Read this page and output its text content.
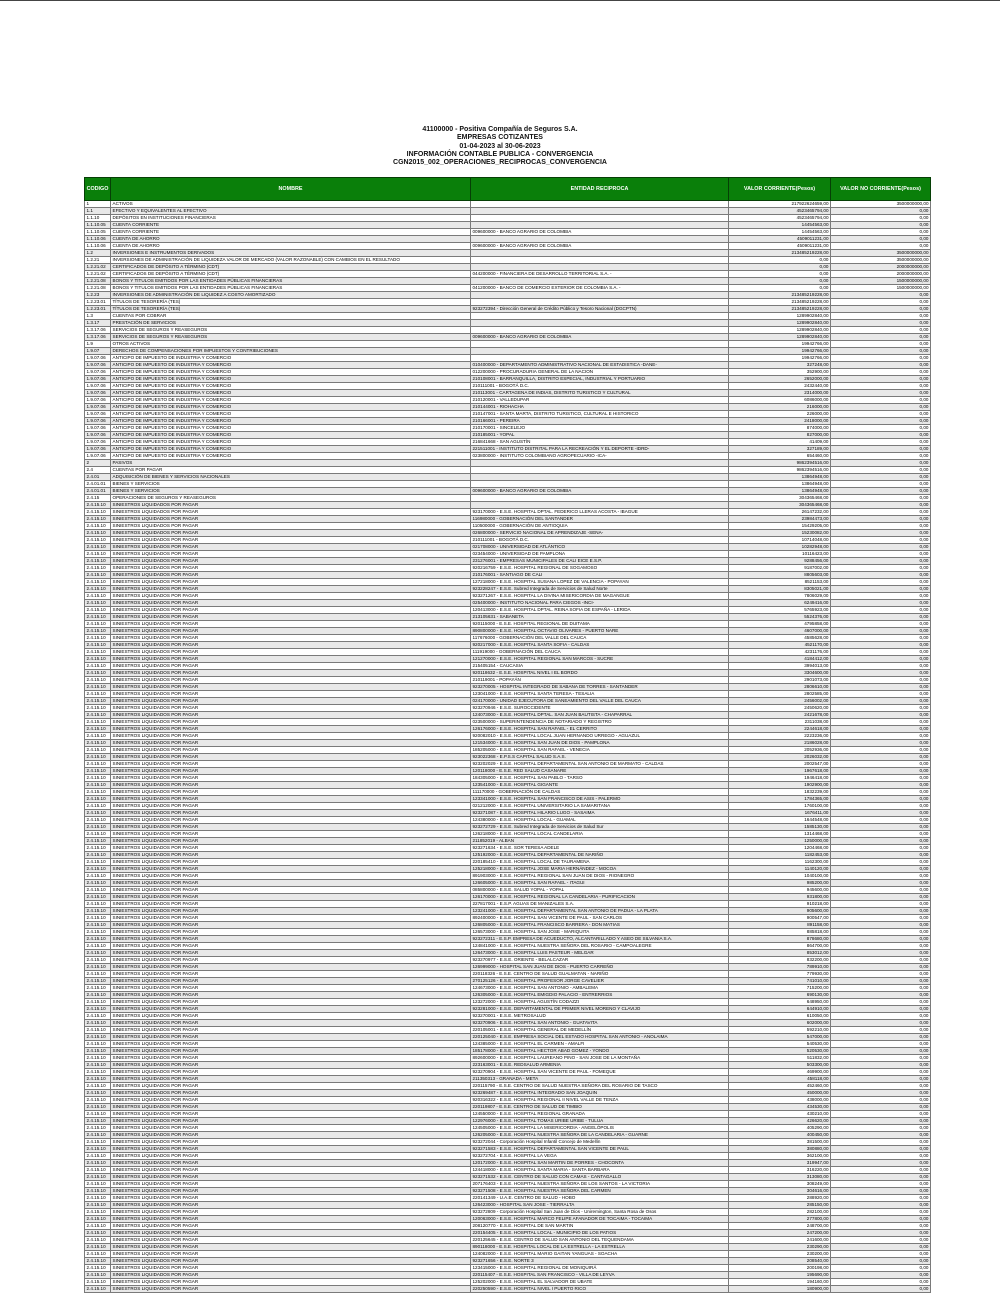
41100000 - Positiva Compañía de Seguros S.A.
EMPRESAS COTIZANTES
01-04-2023 al 30-06-2023
INFORMACIÓN CONTABLE PUBLICA - CONVERGENCIA
CGN2015_002_OPERACIONES_RECIPROCAS_CONVERGENCIA
CODIGO	NOMBRE	ENTIDAD RECIPROCA	VALOR CORRIENTE(Pesos)	VALOR NO CORRIENTE(Pesos)
1	ACTIVOS		217922624659,00	3500000000,00
1.1	EFECTIVO Y EQUIVALENTES AL EFECTIVO		4523465794,00	0,00
1.1.10	DEPÓSITOS EN INSTITUCIONES FINANCIERAS		4523465794,00	0,00
1.1.10.05	CUENTA CORRIENTE		14454563,00	0,00
1.1.10.05	CUENTA CORRIENTE	009600000 - BANCO AGRARIO DE COLOMBIA	14454563,00	0,00
1.1.10.06	CUENTA DE AHORRO		4509011231,00	0,00
1.1.10.06	CUENTA DE AHORRO	009600000 - BANCO AGRARIO DE COLOMBIA	4509011231,00	0,00
1.2	INVERSIONES E INSTRUMENTOS DERIVADOS		213485219228,00	3500000000,00
1.2.21	INVERSIONES DE ADMINISTRACIÓN DE LIQUIDEZA VALOR DE MERCADO (VALOR RAZONABLE) CON CAMBIOS EN EL RESULTADO		0,00	3500000000,00
1.2.21.02	CERTIFICADOS DE DEPÓSITO A TÉRMINO (CDT)		0,00	2000000000,00
1.2.21.02	CERTIFICADOS DE DEPÓSITO A TÉRMINO (CDT)	044200000 - FINANCIERA DE DESARROLLO TERRITORIAL S.A. -	0,00	2000000000,00
1.2.21.08	BONOS Y TITULOS EMITIDOS POR LAS ENTIDADES PÚBLICAS FINANCIERAS		0,00	1500000000,00
1.2.21.08	BONOS Y TITULOS EMITIDOS POR LAS ENTIDADES PÚBLICAS FINANCIERAS	041200000 - BANCO DE COMERCIO EXTERIOR DE COLOMBIA S.A. -	0,00	1500000000,00
1.2.23	INVERSIONES DE ADMINISTRACIÓN DE LIQUIDEZ A COSTO AMORTIZADO		213485219228,00	0,00
1.2.23.01	TÍTULOS DE TESORERÍA (TES)		213485219228,00	0,00
1.2.23.01	TÍTULOS DE TESORERÍA (TES)	923272394 - Dirección General de Crédito Público y Tesoro Nacional (DGCPTN)	213485219228,00	0,00
1.3	CUENTAS POR COBRAR		1289902840,00	0,00
1.3.17	PRESTACIÓN DE SERVICIOS		1289902840,00	0,00
1.3.17.06	SERVICIOS DE SEGUROS Y REASEGUROS		1289902840,00	0,00
1.3.17.06	SERVICIOS DE SEGUROS Y REASEGUROS	009600000 - BANCO AGRARIO DE COLOMBIA	1289902840,00	0,00
1.9	OTROS ACTIVOS		19942766,00	0,00
1.9.07	DERECHOS DE COMPENSACIONES POR IMPUESTOS Y CONTRIBUCIONES		19942766,00	0,00
1.9.07.06	ANTICIPO DE IMPUESTO DE INDUSTRIA Y COMERCIO		19942766,00	0,00
1.9.07.06	ANTICIPO DE IMPUESTO DE INDUSTRIA Y COMERCIO	010400000 - DEPARTAMENTO ADMINISTRATIVO NACIONAL DE ESTADISTICA -DANE-	327248,00	0,00
1.9.07.06	ANTICIPO DE IMPUESTO DE INDUSTRIA Y COMERCIO	012200000 - PROCURADURIA GENERAL DE LA NACION	352900,00	0,00
1.9.07.06	ANTICIPO DE IMPUESTO DE INDUSTRIA Y COMERCIO	210108001 - BARRANQUILLA, DISTRITO ESPECIAL, INDUSTRIAL Y PORTUARIO	2652000,00	0,00
1.9.07.06	ANTICIPO DE IMPUESTO DE INDUSTRIA Y COMERCIO	210111001 - BOGOTÁ D.C.	2432440,00	0,00
1.9.07.06	ANTICIPO DE IMPUESTO DE INDUSTRIA Y COMERCIO	210113001 - CARTAGENA DE INDIAS, DISTRITO TURISTICO Y CULTURAL	2314000,00	0,00
1.9.07.06	ANTICIPO DE IMPUESTO DE INDUSTRIA Y COMERCIO	210120001 - VALLEDUPAR	6086000,00	0,00
1.9.07.06	ANTICIPO DE IMPUESTO DE INDUSTRIA Y COMERCIO	210144001 - RIOHACHA	216000,00	0,00
1.9.07.06	ANTICIPO DE IMPUESTO DE INDUSTRIA Y COMERCIO	210147001 - SANTA MARTA, DISTRITO TURISTICO, CULTURAL E HISTORICO	226000,00	0,00
1.9.07.06	ANTICIPO DE IMPUESTO DE INDUSTRIA Y COMERCIO	210166001 - PEREIRA	2418000,00	0,00
1.9.07.06	ANTICIPO DE IMPUESTO DE INDUSTRIA Y COMERCIO	210170001 - SINCELEJO	874000,00	0,00
1.9.07.06	ANTICIPO DE IMPUESTO DE INDUSTRIA Y COMERCIO	210185001 - YOPAL	827000,00	0,00
1.9.07.06	ANTICIPO DE IMPUESTO DE INDUSTRIA Y COMERCIO	216841668 - SAN AGUSTÍN	41409,00	0,00
1.9.07.06	ANTICIPO DE IMPUESTO DE INDUSTRIA Y COMERCIO	221511001 - INSTITUTO DISTRITAL PARA LA RECREACIÓN Y EL DEPORTE -IDRD-	327189,00	0,00
1.9.07.06	ANTICIPO DE IMPUESTO DE INDUSTRIA Y COMERCIO	023800000 - INSTITUTO COLOMBIANO AGROPECUARIO -ICA-	654460,00	0,00
2	PASIVOS		9862394516,00	0,00
2.4	CUENTAS POR PAGAR		9862394516,00	0,00
2.4.01	ADQUISICIÓN DE BIENES Y SERVICIOS NACIONALES		13864948,00	0,00
2.4.01.01	BIENES Y SERVICIOS		13864948,00	0,00
2.4.01.01	BIENES Y SERVICIOS	009600000 - BANCO AGRARIO DE COLOMBIA	13864948,00	0,00
2.4.15	OPERACIONES DE SEGUROS Y REASEGUROS		304365468,00	0,00
2.4.15.10	SINIESTROS LIQUIDADOS POR PAGAR		304365468,00	0,00
2.4.15.10	SINIESTROS LIQUIDADOS POR PAGAR	923170000 - E.S.E. HOSPITAL DPTAL. FEDERICO LLERAS ACOSTA - IBAGUE	26147232,00	0,00
2.4.15.10	SINIESTROS LIQUIDADOS POR PAGAR	116980000 - GOBERNACIÓN DEL SANTANDER	23984473,00	0,00
2.4.15.10	SINIESTROS LIQUIDADOS POR PAGAR	110500000 - GOBERNACIÓN DE ANTIOQUIA	15429205,00	0,00
2.4.15.10	SINIESTROS LIQUIDADOS POR PAGAR	026800000 - SERVICIO NACIONAL DE APRENDIZAJE -SENA-	15230082,00	0,00
2.4.15.10	SINIESTROS LIQUIDADOS POR PAGAR	210111001 - BOGOTÁ D.C.	10714048,00	0,00
2.4.15.10	SINIESTROS LIQUIDADOS POR PAGAR	021708000 - UNIVERSIDAD DE ATLÁNTICO	10282948,00	0,00
2.4.15.10	SINIESTROS LIQUIDADOS POR PAGAR	023454000 - UNIVERSIDAD DE PAMPLONA	10116423,00	0,00
2.4.15.10	SINIESTROS LIQUIDADOS POR PAGAR	231276001 - EMPRESAS MUNICIPALES DE CALI EICE E.S.P.	9288456,00	0,00
2.4.15.10	SINIESTROS LIQUIDADOS POR PAGAR	920216759 - E.S.E. HOSPITAL REGIONAL DE SOGAMOSO	9187002,00	0,00
2.4.15.10	SINIESTROS LIQUIDADOS POR PAGAR	210176001 - SANTIAGO DE CALI	8805603,00	0,00
2.4.15.10	SINIESTROS LIQUIDADOS POR PAGAR	127218000 - E.S.E. HOSPITAL SUSANA LOPEZ DE VALENCIA - POPAYAN	8521153,00	0,00
2.4.15.10	SINIESTROS LIQUIDADOS POR PAGAR	923228247 - E.S.E. Subred Integrada de Servicios de Salud Norte	8305021,00	0,00
2.4.15.10	SINIESTROS LIQUIDADOS POR PAGAR	923271267 - E.S.E. HOSPITAL LA DIVINA MISERICORDIA DE MAGANGUE	7806029,00	0,00
2.4.15.10	SINIESTROS LIQUIDADOS POR PAGAR	025400000 - INSTITUTO NACIONAL PARA CIEGOS -INCI-	6249416,00	0,00
2.4.15.10	SINIESTROS LIQUIDADOS POR PAGAR	120413000 - E.S.E. HOSPITAL DPTAL. REINA SOFIA DE ESPAÑA - LERIDA	5765923,00	0,00
2.4.15.10	SINIESTROS LIQUIDADOS POR PAGAR	213105631 - SABANETA	5524376,00	0,00
2.4.15.10	SINIESTROS LIQUIDADOS POR PAGAR	920115000 - E.S.E. HOSPITAL REGIONAL DE DUITAMA	4795858,00	0,00
2.4.15.10	SINIESTROS LIQUIDADOS POR PAGAR	890800000 - E.S.E. HOSPITAL OCTAVIO OLIVARES - PUERTO NARE	4607000,00	0,00
2.4.15.10	SINIESTROS LIQUIDADOS POR PAGAR	117676000 - GOBERNACIÓN DEL VALLE DEL CAUCA	4585628,00	0,00
2.4.15.10	SINIESTROS LIQUIDADOS POR PAGAR	920217000 - E.S.E. HOSPITAL SANTA SOFIA - CALDAS	4521170,00	0,00
2.4.15.10	SINIESTROS LIQUIDADOS POR PAGAR	111919000 - GOBERNACIÓN DEL CAUCA	4231176,00	0,00
2.4.15.10	SINIESTROS LIQUIDADOS POR PAGAR	121270000 - E.S.E. HOSPITAL REGIONAL SAN MARCOS - SUCRE	4184412,00	0,00
2.4.15.10	SINIESTROS LIQUIDADOS POR PAGAR	215405154 - CAUCASIA	3994013,00	0,00
2.4.15.10	SINIESTROS LIQUIDADOS POR PAGAR	920118632 - E.S.E. HOSPITAL NIVEL I EL BORDO	3304600,00	0,00
2.4.15.10	SINIESTROS LIQUIDADOS POR PAGAR	210119001 - POPAYÁN	2901073,00	0,00
2.4.15.10	SINIESTROS LIQUIDADOS POR PAGAR	923270005 - HOSPITAL INTEGRADO DE SABANA DE TORRES - SANTANDER	2806610,00	0,00
2.4.15.10	SINIESTROS LIQUIDADOS POR PAGAR	123041000 - E.S.E. HOSPITAL SANTA TERESA - TESALIA	2802585,00	0,00
2.4.15.10	SINIESTROS LIQUIDADOS POR PAGAR	024170000 - UNIDAD EJECUTORA DE SANEAMIENTO DEL VALLE DEL CAUCA	2456002,00	0,00
2.4.15.10	SINIESTROS LIQUIDADOS POR PAGAR	923270946 - E.S.E. SUROCCIDENTE	2450620,00	0,00
2.4.15.10	SINIESTROS LIQUIDADOS POR PAGAR	124073000 - E.S.E. HOSPITAL DPTAL. SAN JUAN BAUTISTA - CHAPARRAL	2421678,00	0,00
2.4.15.10	SINIESTROS LIQUIDADOS POR PAGAR	023500000 - SUPERINTENDENCIA DE NOTARIADO Y REGISTRO	2311038,00	0,00
2.4.15.10	SINIESTROS LIQUIDADOS POR PAGAR	126176000 - E.S.E. HOSPITAL SAN RAFAEL - EL CERRITO	2244618,00	0,00
2.4.15.10	SINIESTROS LIQUIDADOS POR PAGAR	920082010 - E.S.E. HOSPITAL LOCAL JUAN HERNANDO URREGO - AGUAZUL	2223236,00	0,00
2.4.15.10	SINIESTROS LIQUIDADOS POR PAGAR	121534000 - E.S.E. HOSPITAL SAN JUAN DE DIOS - PAMPLONA	2186028,00	0,00
2.4.15.10	SINIESTROS LIQUIDADOS POR PAGAR	185205000 - E.S.E. HOSPITAL SAN RAFAEL - VENECIA	2052936,00	0,00
2.4.15.10	SINIESTROS LIQUIDADOS POR PAGAR	923022368 - E.P.S.S CAPITAL SALUD S.A.S.	2026032,00	0,00
2.4.15.10	SINIESTROS LIQUIDADOS POR PAGAR	923202029 - E.S.E. HOSPITAL DEPARTAMENTAL SAN ANTONIO DE MARMATO - CALDAS	2002547,00	0,00
2.4.15.10	SINIESTROS LIQUIDADOS POR PAGAR	120118000 - E.S.E. RED SALUD CASANARE	1967618,00	0,00
2.4.15.10	SINIESTROS LIQUIDADOS POR PAGAR	184305000 - E.S.E. HOSPITAL SAN PABLO - TARSO	1946418,00	0,00
2.4.15.10	SINIESTROS LIQUIDADOS POR PAGAR	123541000 - E.S.E. HOSPITAL GIGANTE	1902900,00	0,00
2.4.15.10	SINIESTROS LIQUIDADOS POR PAGAR	111170000 - GOBERNACIÓN DE CALDAS	1832239,00	0,00
2.4.15.10	SINIESTROS LIQUIDADOS POR PAGAR	123341000 - E.S.E. HOSPITAL SAN FRANCISCO DE ASIS - PALERMO	1784365,00	0,00
2.4.15.10	SINIESTROS LIQUIDADOS POR PAGAR	021212000 - E.S.E. HOSPITAL UNIVERSITARIO LA SAMARITANA	1760100,00	0,00
2.4.15.10	SINIESTROS LIQUIDADOS POR PAGAR	923271087 - E.S.E. HOSPITAL HILARIO LUGO - SASAIMA	1676411,00	0,00
2.4.15.10	SINIESTROS LIQUIDADOS POR PAGAR	124380000 - E.S.E. HOSPITAL LOCAL - GUAMAL	1644548,00	0,00
2.4.15.10	SINIESTROS LIQUIDADOS POR PAGAR	923272729 - E.S.E. Subred Integrada de Servicios de Salud Sur	1585130,00	0,00
2.4.15.10	SINIESTROS LIQUIDADOS POR PAGAR	126218000 - E.S.E. HOSPITAL LOCAL CANDELARIA	1314468,00	0,00
2.4.15.10	SINIESTROS LIQUIDADOS POR PAGAR	211852019 - ALBAN	1250000,00	0,00
2.4.15.10	SINIESTROS LIQUIDADOS POR PAGAR	923271634 - E.S.E. SOR TERESA ADELE	1204468,00	0,00
2.4.15.10	SINIESTROS LIQUIDADOS POR PAGAR	125192000 - E.S.E. HOSPITAL DEPARTAMENTAL DE NARIÑO	1182453,00	0,00
2.4.15.10	SINIESTROS LIQUIDADOS POR PAGAR	220185410 - E.S.E. HOSPITAL LOCAL DE TAURAMENA	1162300,00	0,00
2.4.15.10	SINIESTROS LIQUIDADOS POR PAGAR	125218000 - E.S.E. HOSPITAL JOSE MARIA HERNÁNDEZ - MOCOA	1140120,00	0,00
2.4.15.10	SINIESTROS LIQUIDADOS POR PAGAR	891903000 - E.S.E. HOSPITAL REGIONAL SAN JUAN DE DIOS - RIONEGRO	1040100,00	0,00
2.4.15.10	SINIESTROS LIQUIDADOS POR PAGAR	126605000 - E.S.E. HOSPITAL SAN RAFAEL - ITAGUI	985200,00	0,00
2.4.15.10	SINIESTROS LIQUIDADOS POR PAGAR	085800000 - E.S.E. SALUD YOPAL - YOPAL	945600,00	0,00
2.4.15.10	SINIESTROS LIQUIDADOS POR PAGAR	126170000 - E.S.E. HOSPITAL REGIONAL LA CANDELARIA - PURIFICACION	931800,00	0,00
2.4.15.10	SINIESTROS LIQUIDADOS POR PAGAR	227817001 - E.S.P. AGUAS DE MANIZALES S.A.	910218,00	0,00
2.4.15.10	SINIESTROS LIQUIDADOS POR PAGAR	123241000 - E.S.E. HOSPITAL DEPARTAMENTAL SAN ANTONIO DE PADUA - LA PLATA	905600,00	0,00
2.4.15.10	SINIESTROS LIQUIDADOS POR PAGAR	892400000 - E.S.E. HOSPITAL SAN VICENTE DE PAUL - SAN CARLOS	900547,00	0,00
2.4.15.10	SINIESTROS LIQUIDADOS POR PAGAR	126805000 - E.S.E. HOSPITAL FRANCISCO BARRERA - DON MATIAS	891158,00	0,00
2.4.15.10	SINIESTROS LIQUIDADOS POR PAGAR	126573000 - E.S.E. HOSPITAL SAN JOSE - MARIQUITA	885818,00	0,00
2.4.15.10	SINIESTROS LIQUIDADOS POR PAGAR	923272311 - E.S.P. EMPRESA DE ACUEDUCTO, ALCANTARILLADO Y ASEO DE SILVANIA S.A.	878680,00	0,00
2.4.15.10	SINIESTROS LIQUIDADOS POR PAGAR	124841000 - E.S.E. HOSPITAL NUESTRA SEÑORA DEL ROSARIO - CAMPOALEGRE	864700,00	0,00
2.4.15.10	SINIESTROS LIQUIDADOS POR PAGAR	126473000 - E.S.E. HOSPITAL LUIS PASTEUR - MELGAR	853012,00	0,00
2.4.15.10	SINIESTROS LIQUIDADOS POR PAGAR	923270977 - E.S.E. ORIENTE - BELALCAZAR	832200,00	0,00
2.4.15.10	SINIESTROS LIQUIDADOS POR PAGAR	126999000 - HOSPITAL SAN JUAN DE DIOS - PUERTO CARREÑO	789910,00	0,00
2.4.15.10	SINIESTROS LIQUIDADOS POR PAGAR	220118326 - E.S.E. CENTRO DE SALUD GUALMATAN - NARIÑO	779930,00	0,00
2.4.15.10	SINIESTROS LIQUIDADOS POR PAGAR	270125126 - E.S.E. HOSPITAL PROFESOR JORGE CAVELIER	741010,00	0,00
2.4.15.10	SINIESTROS LIQUIDADOS POR PAGAR	124673000 - E.S.E. HOSPITAL SAN ANTONIO - AMBALEMA	715200,00	0,00
2.4.15.10	SINIESTROS LIQUIDADOS POR PAGAR	126305000 - E.S.E. HOSPITAL EMIGDIO PALACIO - ENTRERRIOS	690130,00	0,00
2.4.15.10	SINIESTROS LIQUIDADOS POR PAGAR	123272000 - E.S.E. HOSPITAL AGUSTÍN CODAZZI	648950,00	0,00
2.4.15.10	SINIESTROS LIQUIDADOS POR PAGAR	923281000 - E.S.E. DEPARTAMENTAL DE PRIMER NIVEL MORENO Y CLAVIJO	644910,00	0,00
2.4.15.10	SINIESTROS LIQUIDADOS POR PAGAR	923270001 - E.S.E. METROSALUD	610050,00	0,00
2.4.15.10	SINIESTROS LIQUIDADOS POR PAGAR	923270906 - E.S.E. HOSPITAL SAN ANTONIO - GUATAVITA	602000,00	0,00
2.4.15.10	SINIESTROS LIQUIDADOS POR PAGAR	220105001 - E.S.E. HOSPITAL GENERAL DE MEDELLÍN	592210,00	0,00
2.4.15.10	SINIESTROS LIQUIDADOS POR PAGAR	220125040 - E.S.E. EMPRESA SOCIAL DEL ESTADO HOSPITAL SAN ANTONIO - ANOLAIMA	547000,00	0,00
2.4.15.10	SINIESTROS LIQUIDADOS POR PAGAR	124385000 - E.S.E. HOSPITAL EL CARMEN - AMALFI	540530,00	0,00
2.4.15.10	SINIESTROS LIQUIDADOS POR PAGAR	185178000 - E.S.E. HOSPITAL HECTOR ABAD GOMEZ - YONDO	520530,00	0,00
2.4.15.10	SINIESTROS LIQUIDADOS POR PAGAR	892600000 - E.S.E. HOSPITAL LAUREANO PINO - SAN JOSE DE LA MONTAÑA	511832,00	0,00
2.4.15.10	SINIESTROS LIQUIDADOS POR PAGAR	223163001 - E.S.E. REDSALUD ARMENIA	503300,00	0,00
2.4.15.10	SINIESTROS LIQUIDADOS POR PAGAR	923270904 - E.S.E. HOSPITAL SAN VICENTE DE PAUL - FOMEQUE	469900,00	0,00
2.4.15.10	SINIESTROS LIQUIDADOS POR PAGAR	211350313 - GRANADA - META	458118,00	0,00
2.4.15.10	SINIESTROS LIQUIDADOS POR PAGAR	220115790 - E.S.E. CENTRO DE SALUD NUESTRA SEÑORA DEL ROSARIO DE TASCO	452460,00	0,00
2.4.15.10	SINIESTROS LIQUIDADOS POR PAGAR	923269487 - E.S.E. HOSPITAL INTEGRADO SAN JOAQUIN	450000,00	0,00
2.4.15.10	SINIESTROS LIQUIDADOS POR PAGAR	920316322 - E.S.E. HOSPITAL REGIONAL II NIVEL VALLE DE TENZA	438000,00	0,00
2.4.15.10	SINIESTROS LIQUIDADOS POR PAGAR	220119807 - E.S.E. CENTRO DE SALUD DE TIMBIO	434530,00	0,00
2.4.15.10	SINIESTROS LIQUIDADOS POR PAGAR	124550000 - E.S.E. HOSPITAL REGIONAL GRANADA	430210,00	0,00
2.4.15.10	SINIESTROS LIQUIDADOS POR PAGAR	122976000 - E.S.E. HOSPITAL TOMAS URIBE URIBE - TULUA	426620,00	0,00
2.4.15.10	SINIESTROS LIQUIDADOS POR PAGAR	124505000 - E.S.E. HOSPITAL LA MISERICORDIA - ANGELÓPOLIS	405290,00	0,00
2.4.15.10	SINIESTROS LIQUIDADOS POR PAGAR	126205000 - E.S.E. HOSPITAL NUESTRA SEÑORA DE LA CANDELARIA - GUARNE	400450,00	0,00
2.4.15.10	SINIESTROS LIQUIDADOS POR PAGAR	923272044 - Corporación Hospital Infantil Concejo de Medellín	381500,00	0,00
2.4.15.10	SINIESTROS LIQUIDADOS POR PAGAR	923271583 - E.S.E. HOSPITAL DEPARTAMENTAL SAN VICENTE DE PAUL	380880,00	0,00
2.4.15.10	SINIESTROS LIQUIDADOS POR PAGAR	923272704 - E.S.E. HOSPITAL LA VEGA	362100,00	0,00
2.4.15.10	SINIESTROS LIQUIDADOS POR PAGAR	120172000 - E.S.E. HOSPITAL SAN MARTIN DE PORRES - CHOCONTA	319947,00	0,00
2.4.15.10	SINIESTROS LIQUIDADOS POR PAGAR	124418000 - E.S.E. HOSPITAL SANTA MARIA - SANTA BARBARA	316220,00	0,00
2.4.15.10	SINIESTROS LIQUIDADOS POR PAGAR	923271532 - E.S.E. CENTRO DE SALUD CON CAMAS - CANTAGALLO	313080,00	0,00
2.4.15.10	SINIESTROS LIQUIDADOS POR PAGAR	207176403 - E.S.E. HOSPITAL NUESTRA SEÑORA DE LOS SANTOS - LA VICTORIA	308249,00	0,00
2.4.15.10	SINIESTROS LIQUIDADOS POR PAGAR	923271508 - E.S.E. HOSPITAL NUESTRA SEÑORA DEL CARMEN	304616,00	0,00
2.4.15.10	SINIESTROS LIQUIDADOS POR PAGAR	220141349 - U.A.E. CENTRO DE SALUD - HOBO	288920,00	0,00
2.4.15.10	SINIESTROS LIQUIDADOS POR PAGAR	126423000 - HOSPITAL SAN JOSE - TIERRALTA	285150,00	0,00
2.4.15.10	SINIESTROS LIQUIDADOS POR PAGAR	923272809 - Corporación Hospital San Juan de Dios - Uniremington, Santa Rosa de Osos	282100,00	0,00
2.4.15.10	SINIESTROS LIQUIDADOS POR PAGAR	120063000 - E.S.E. HOSPITAL MARCO FELIPE AFANADOR DE TOCAIMA - TOCAIMA	277800,00	0,00
2.4.15.10	SINIESTROS LIQUIDADOS POR PAGAR	208120770 - E.S.E. HOSPITAL DE SAN MARTIN	248700,00	0,00
2.4.15.10	SINIESTROS LIQUIDADOS POR PAGAR	220154405 - E.S.E. HOSPITAL LOCAL - MUNICIPIO DE LOS PATIOS	247200,00	0,00
2.4.15.10	SINIESTROS LIQUIDADOS POR PAGAR	220125645 - E.S.E. CENTRO DE SALUD SAN ANTONIO DEL TEQUENDAMA	241600,00	0,00
2.4.15.10	SINIESTROS LIQUIDADOS POR PAGAR	890118000 - E.S.E. HOSPITAL LOCAL DE LA ESTRELLA - LA ESTRELLA	230290,00	0,00
2.4.15.10	SINIESTROS LIQUIDADOS POR PAGAR	124082000 - E.S.E. HOSPITAL MARIO GAITAN YANGUAS - SOACHA	230200,00	0,00
2.4.15.10	SINIESTROS LIQUIDADOS POR PAGAR	923271656 - E.S.E. NORTE 3	208540,00	0,00
2.4.15.10	SINIESTROS LIQUIDADOS POR PAGAR	123415000 - E.S.E. HOSPITAL REGIONAL DE MONIQUIRÁ	200198,00	0,00
2.4.15.10	SINIESTROS LIQUIDADOS POR PAGAR	220115407 - E.S.E. HOSPITAL SAN FRANCISCO - VILLA DE LEYVA	195690,00	0,00
2.4.15.10	SINIESTROS LIQUIDADOS POR PAGAR	125202000 - E.S.E. HOSPITAL EL SALVADOR DE UBATE	194160,00	0,00
2.4.15.10	SINIESTROS LIQUIDADOS POR PAGAR	220250590 - E.S.E. HOSPITAL NIVEL I PUERTO RICO	180900,00	0,00
